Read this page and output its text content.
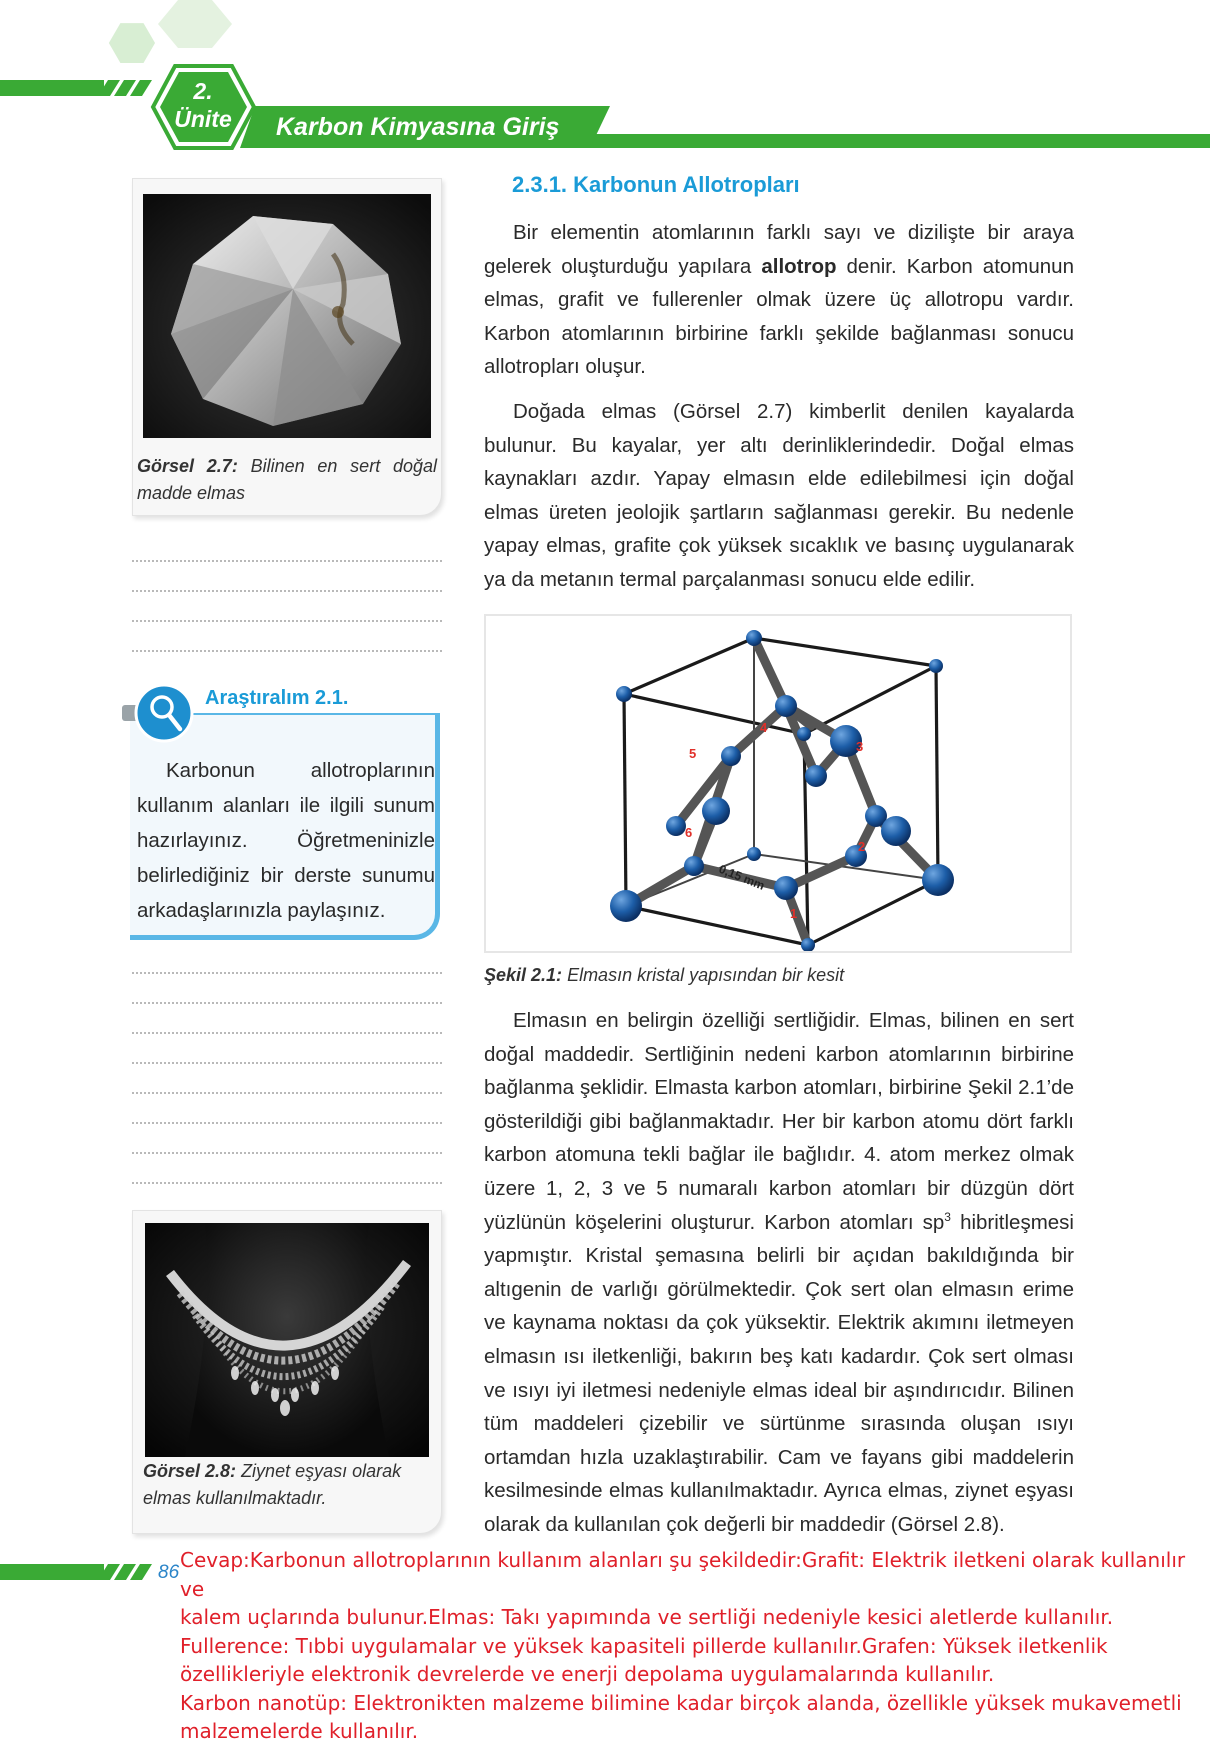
2.
Ünite	Karbon Kimyasına Giriş
Görsel 2.7: Bilinen en sert doğal madde elmas
Karbonun allotroplarının kullanım alanları ile ilgili sunum hazırlayınız. Öğretmeninizle belirlediğiniz bir derste sunumu arkadaşlarınızla paylaşınız.
Araştıralım 2.1.
Görsel 2.8: Ziynet eşyası olarak elmas kullanılmaktadır.
2.3.1. Karbonun Allotropları

Bir elementin atomlarının farklı sayı ve dizilişte bir araya gelerek oluşturduğu yapılara allotrop denir. Karbon atomunun elmas, grafit ve fullerenler olmak üzere üç allotropu vardır. Karbon atomlarının birbirine farklı şekilde bağlanması sonucu allotropları oluşur.

Doğada elmas (Görsel 2.7) kimberlit denilen kayalarda bulunur. Bu kayalar, yer altı derinliklerindedir. Doğal elmas kaynakları azdır. Yapay elmasın elde edilebilmesi için doğal elmas üreten jeolojik şartların sağlanması gerekir. Bu nedenle yapay elmas, grafite çok yüksek sıcaklık ve basınç uygulanarak ya da metanın termal parçalanması sonucu elde edilir.

1
2
3
4
5
6
0,15 mm
Şekil 2.1: Elmasın kristal yapısından bir kesit

Elmasın en belirgin özelliği sertliğidir. Elmas, bilinen en sert doğal maddedir. Sertliğinin nedeni karbon atomlarının birbirine bağlanma şeklidir. Elmasta karbon atomları, birbirine Şekil 2.1’de gösterildiği gibi bağlanmaktadır. Her bir karbon atomu dört farklı karbon atomuna tekli bağlar ile bağlıdır. 4. atom merkez olmak üzere 1, 2, 3 ve 5 numaralı karbon atomları bir düzgün dört yüzlünün köşelerini oluşturur. Karbon atomları $sp^3$ hibritleşmesi yapmıştır. Kristal şemasına belirli bir açıdan bakıldığında bir altıgenin de varlığı görülmektedir. Çok sert olan elmasın erime ve kaynama noktası da çok yüksektir. Elektrik akımını iletmeyen elmasın ısı iletkenliği, bakırın beş katı kadardır. Çok sert olması ve ısıyı iyi iletmesi nedeniyle elmas ideal bir aşındırıcıdır. Bilinen tüm maddeleri çizebilir ve sürtünme sırasında oluşan ısıyı ortamdan hızla uzaklaştırabilir. Cam ve fayans gibi maddelerin kesilmesinde elmas kullanılmaktadır. Ayrıca elmas, ziynet eşyası olarak da kullanılan çok değerli bir maddedir (Görsel 2.8).

86
Cevap:Karbonun allotroplarının kullanım alanları şu şekildedir:Grafit: Elektrik iletkeni olarak kullanılır ve
kalem uçlarında bulunur.Elmas: Takı yapımında ve sertliği nedeniyle kesici aletlerde kullanılır.
Fullerence: Tıbbi uygulamalar ve yüksek kapasiteli pillerde kullanılır.Grafen: Yüksek iletkenlik
özellikleriyle elektronik devrelerde ve enerji depolama uygulamalarında kullanılır.
Karbon nanotüp: Elektronikten malzeme bilimine kadar birçok alanda, özellikle yüksek mukavemetli
malzemelerde kullanılır.
